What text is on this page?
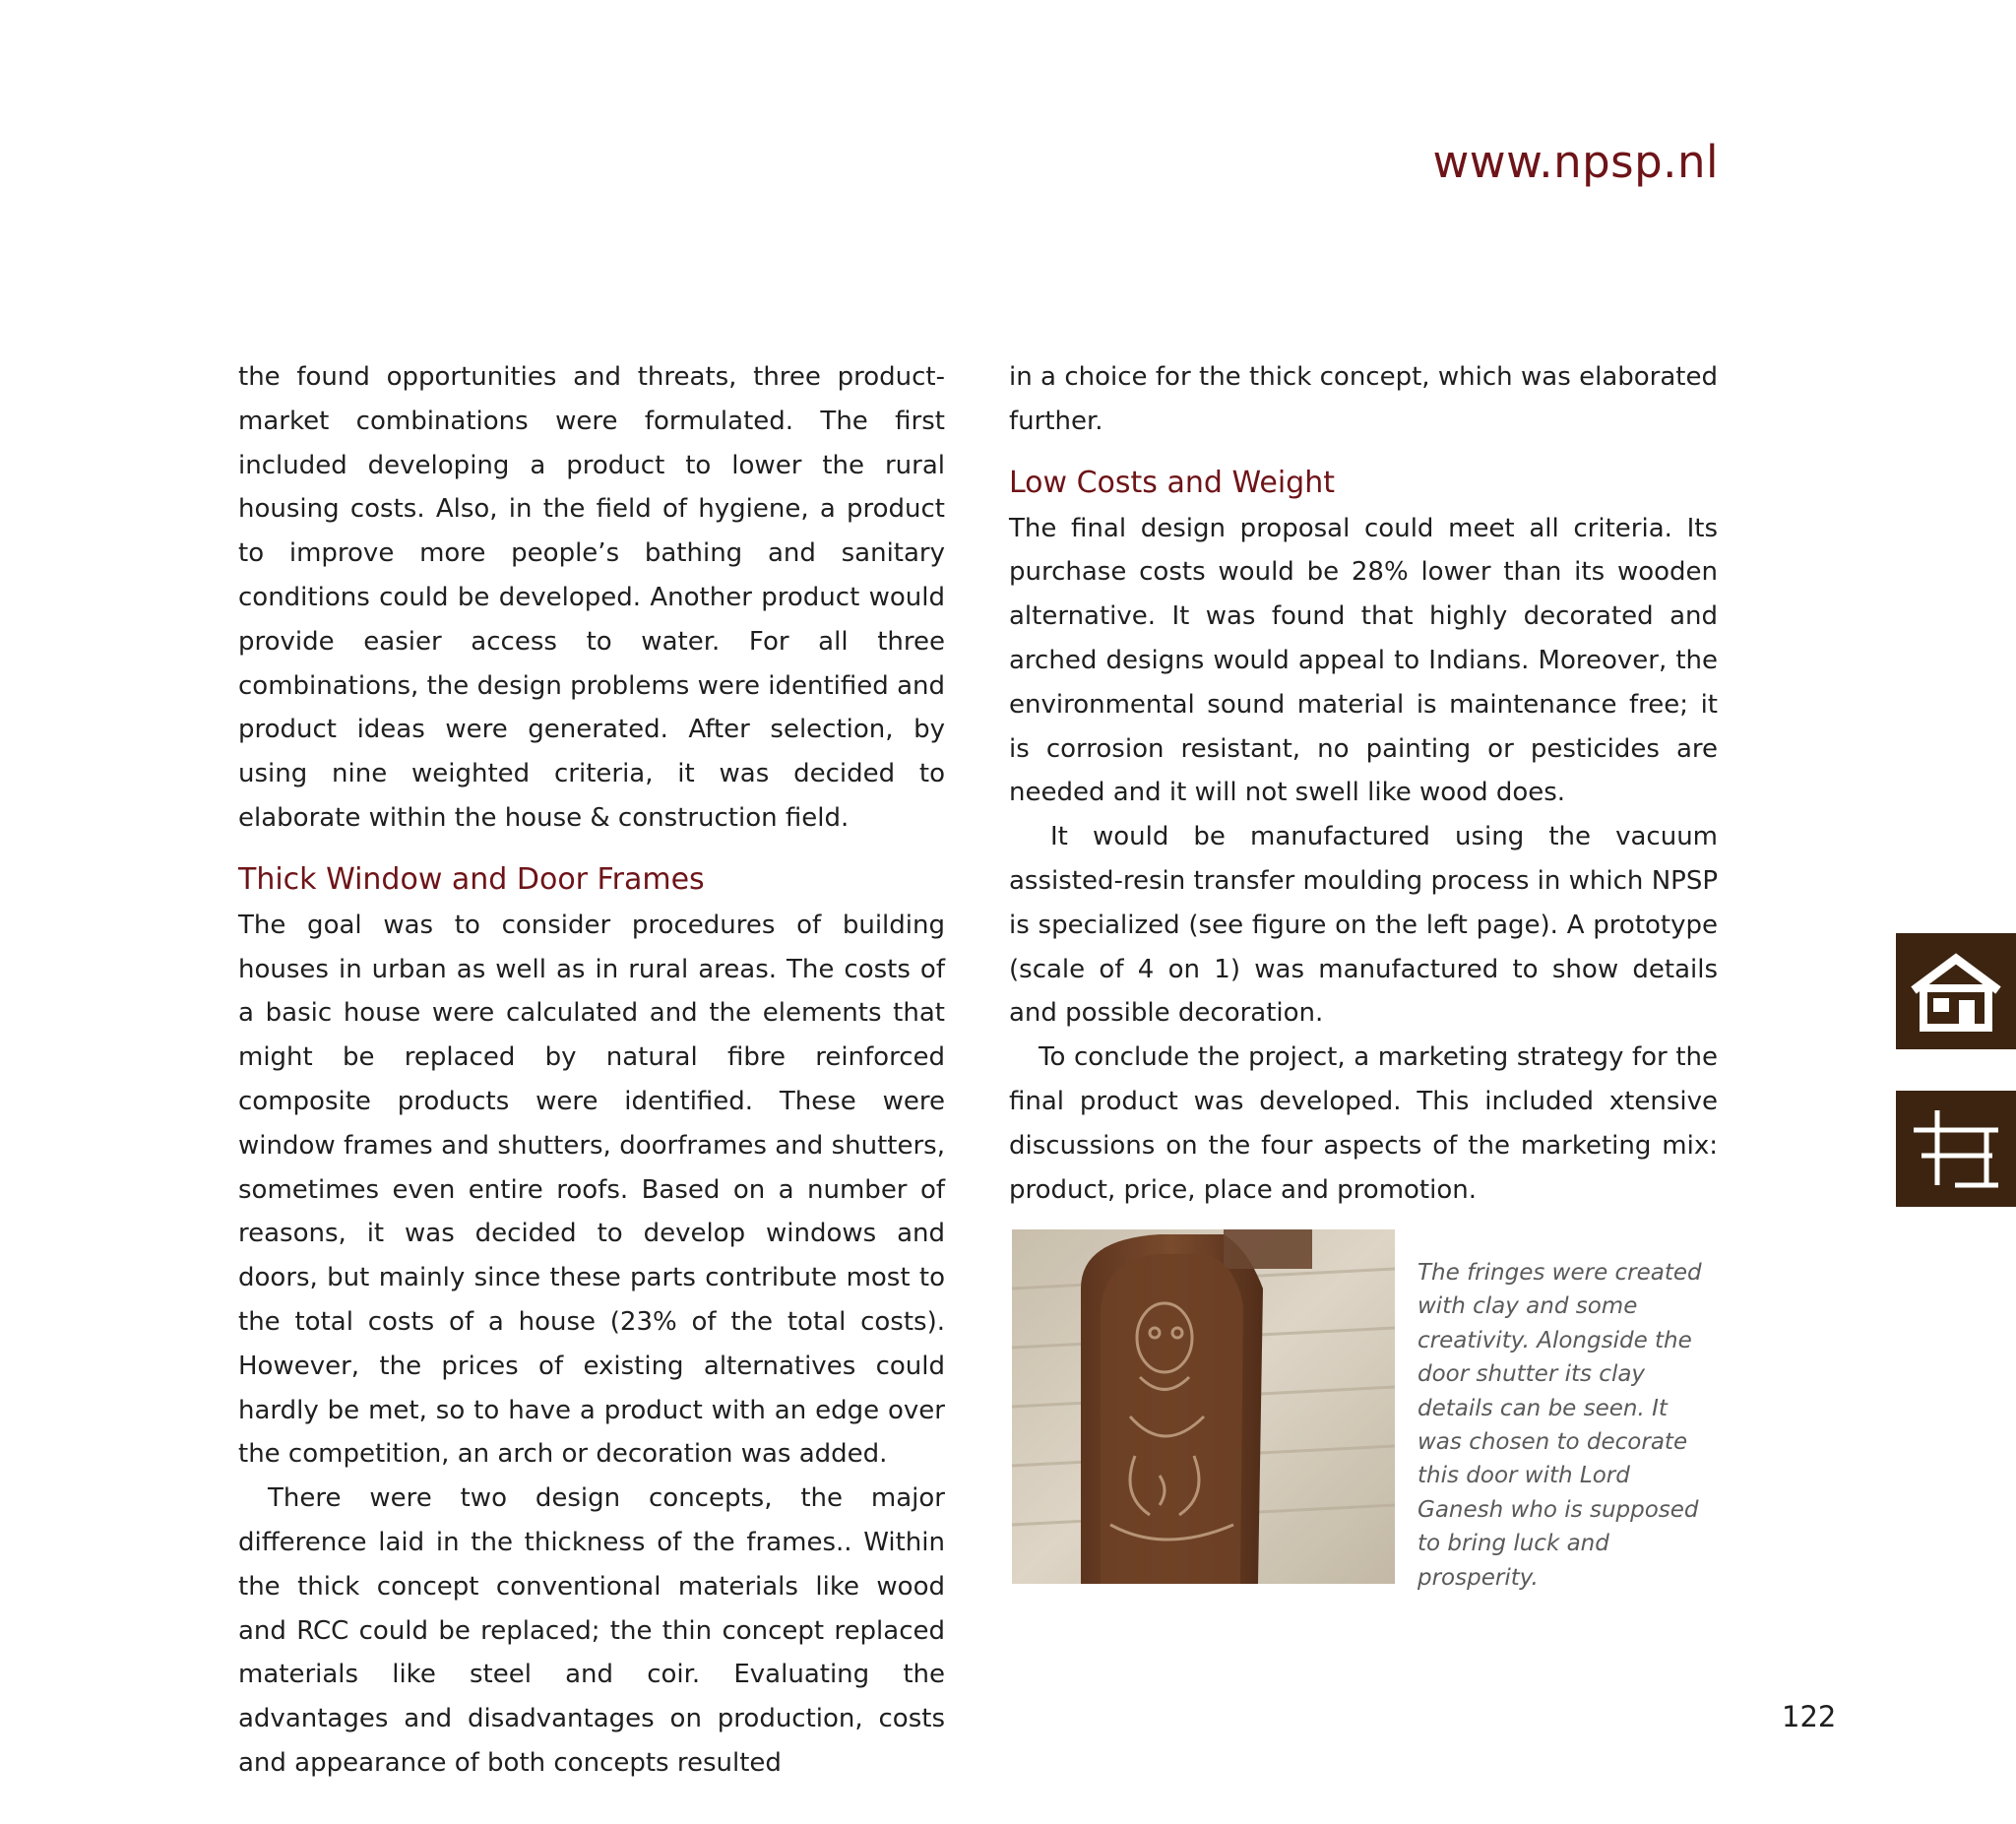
www.npsp.nl

the found opportunities and threats, three product-market combinations were formulated. The first included developing a product to lower the rural housing costs. Also, in the field of hygiene, a product to improve more people’s bathing and sanitary conditions could be developed. Another product would provide easier access to water. For all three combinations, the design problems were identified and product ideas were generated. After selection, by using nine weighted criteria, it was decided to elaborate within the house & construction field.

Thick Window and Door Frames

The goal was to consider procedures of building houses in urban as well as in rural areas. The costs of a basic house were calculated and the elements that might be replaced by natural fibre reinforced composite products were identified. These were window frames and shutters, doorframes and shutters, sometimes even entire roofs. Based on a number of reasons, it was decided to develop windows and doors, but mainly since these parts contribute most to the total costs of a house (23% of the total costs). However, the prices of existing alternatives could hardly be met, so to have a product with an edge over the competition, an arch or decoration was added.

There were two design concepts, the major difference laid in the thickness of the frames.. Within the thick concept conventional materials like wood and RCC could be replaced; the thin concept replaced materials like steel and coir. Evaluating the advantages and disadvantages on production, costs and appearance of both concepts resulted

in a choice for the thick concept, which was elaborated further.

Low Costs and Weight

The final design proposal could meet all criteria. Its purchase costs would be 28% lower than its wooden alternative. It was found that highly decorated and arched designs would appeal to Indians. Moreover, the environmental sound material is maintenance free; it is corrosion resistant, no painting or pesticides are needed and it will not swell like wood does.

It would be manufactured using the vacuum assisted-resin transfer moulding process in which NPSP is specialized (see figure on the left page). A prototype (scale of 4 on 1) was manufactured to show details and possible decoration.

To conclude the project, a marketing strategy for the final product was developed. This included xtensive discussions on the four aspects of the marketing mix: product, price, place and promotion.

The fringes were created with clay and some creativity. Alongside the door shutter its clay details can be seen. It was chosen to decorate this door with Lord Ganesh who is supposed to bring luck and prosperity.
122
